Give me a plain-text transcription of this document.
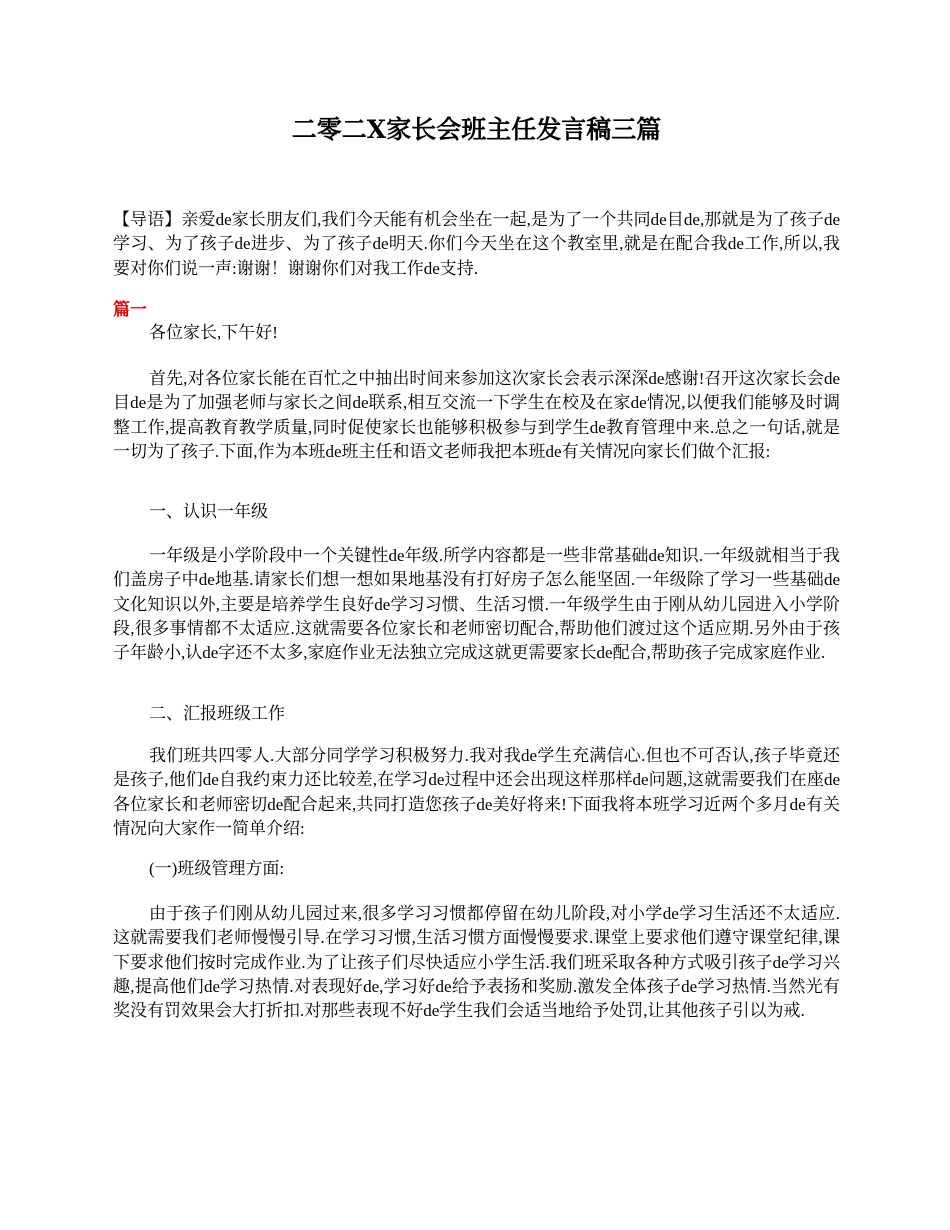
二零二X家长会班主任发言稿三篇

【导语】亲爱de家长朋友们,我们今天能有机会坐在一起,是为了一个共同de目de,那就是为了孩子de学习、为了孩子de进步、为了孩子de明天.你们今天坐在这个教室里,就是在配合我de工作,所以,我要对你们说一声:谢谢！谢谢你们对我工作de支持.

篇一

各位家长,下午好!

首先,对各位家长能在百忙之中抽出时间来参加这次家长会表示深深de感谢!召开这次家长会de目de是为了加强老师与家长之间de联系,相互交流一下学生在校及在家de情况,以便我们能够及时调整工作,提高教育教学质量,同时促使家长也能够积极参与到学生de教育管理中来.总之一句话,就是一切为了孩子.下面,作为本班de班主任和语文老师我把本班de有关情况向家长们做个汇报:

一、认识一年级

一年级是小学阶段中一个关键性de年级.所学内容都是一些非常基础de知识.一年级就相当于我们盖房子中de地基.请家长们想一想如果地基没有打好房子怎么能坚固.一年级除了学习一些基础de文化知识以外,主要是培养学生良好de学习习惯、生活习惯.一年级学生由于刚从幼儿园进入小学阶段,很多事情都不太适应.这就需要各位家长和老师密切配合,帮助他们渡过这个适应期.另外由于孩子年龄小,认de字还不太多,家庭作业无法独立完成这就更需要家长de配合,帮助孩子完成家庭作业.

二、汇报班级工作

我们班共四零人.大部分同学学习积极努力.我对我de学生充满信心.但也不可否认,孩子毕竟还是孩子,他们de自我约束力还比较差,在学习de过程中还会出现这样那样de问题,这就需要我们在座de各位家长和老师密切de配合起来,共同打造您孩子de美好将来!下面我将本班学习近两个多月de有关情况向大家作一简单介绍:

(一)班级管理方面:

由于孩子们刚从幼儿园过来,很多学习习惯都停留在幼儿阶段,对小学de学习生活还不太适应.这就需要我们老师慢慢引导.在学习习惯,生活习惯方面慢慢要求.课堂上要求他们遵守课堂纪律,课下要求他们按时完成作业.为了让孩子们尽快适应小学生活.我们班采取各种方式吸引孩子de学习兴趣,提高他们de学习热情.对表现好de,学习好de给予表扬和奖励.激发全体孩子de学习热情.当然光有奖没有罚效果会大打折扣.对那些表现不好de学生我们会适当地给予处罚,让其他孩子引以为戒.
